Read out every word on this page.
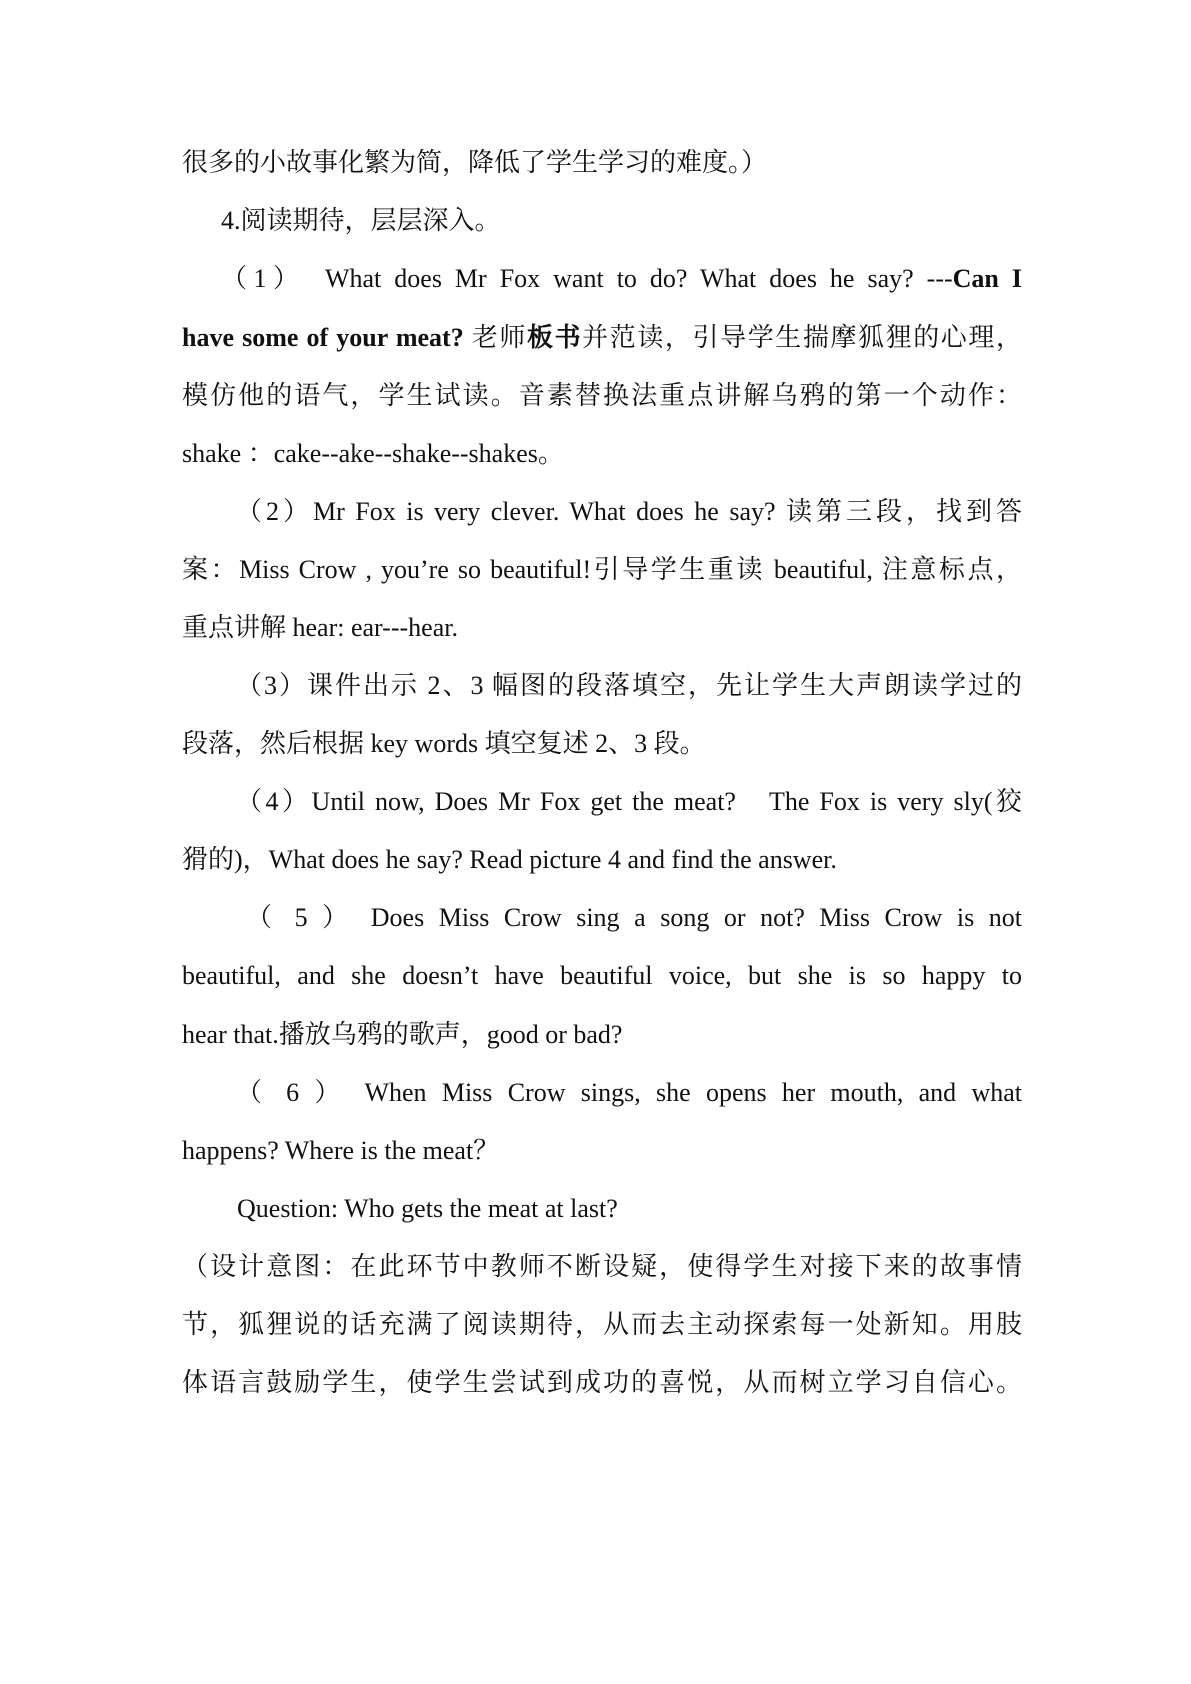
很多的小故事化繁为简，降低了学生学习的难度。）
4.阅读期待，层层深入。
（1）　What does Mr Fox want to do? What does he say? ---Can I
have some of your meat? 老师板书并范读，引导学生揣摩狐狸的心理，
模仿他的语气，学生试读。音素替换法重点讲解乌鸦的第一个动作：
shake ：cake--ake--shake--shakes。
（2）Mr Fox is very clever. What does he say? 读第三段，找到答
案：Miss Crow , you’re so beautiful!引导学生重读 beautiful, 注意标点，
重点讲解 hear: ear---hear.
（3）课件出示 2、3 幅图的段落填空，先让学生大声朗读学过的
段落，然后根据 key words 填空复述 2、3 段。
（4）Until now, Does Mr Fox get the meat?　The Fox is very sly(狡
猾的)，What does he say? Read picture 4 and find the answer.
（ 5 ） Does Miss Crow sing a song or not? Miss Crow is not
beautiful, and she doesn’t have beautiful voice, but she is so happy to
hear that.播放乌鸦的歌声，good or bad?
（ 6 ） When Miss Crow sings, she opens her mouth, and what
happens? Where is the meat？
Question: Who gets the meat at last?
（设计意图：在此环节中教师不断设疑，使得学生对接下来的故事情
节，狐狸说的话充满了阅读期待，从而去主动探索每一处新知。用肢
体语言鼓励学生，使学生尝试到成功的喜悦，从而树立学习自信心。
